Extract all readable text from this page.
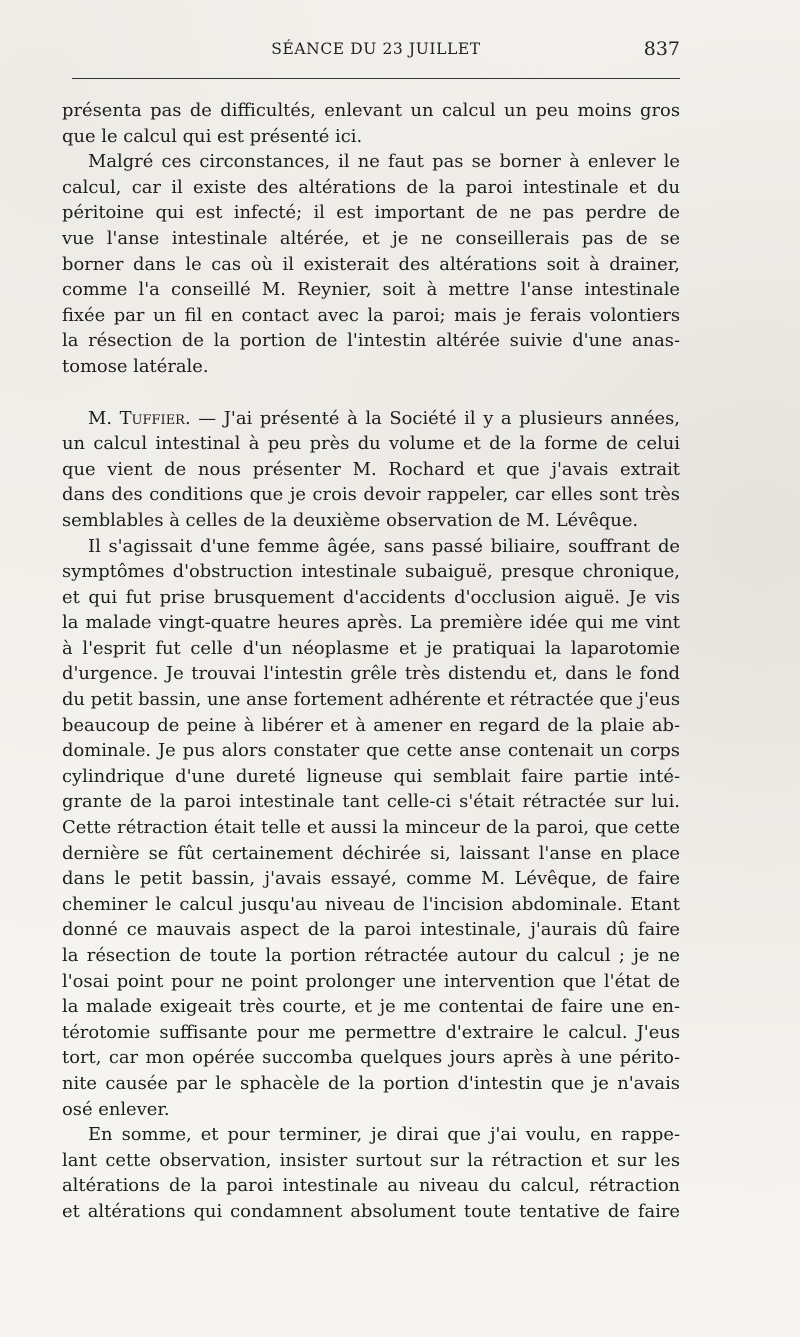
SÉANCE DU 23 JUILLET	837

présenta pas de difficultés, enlevant un calcul un peu moins gros
que le calcul qui est présenté ici.

Malgré ces circonstances, il ne faut pas se borner à enlever le
calcul, car il existe des altérations de la paroi intestinale et du
péritoine qui est infecté; il est important de ne pas perdre de
vue l'anse intestinale altérée, et je ne conseillerais pas de se
borner dans le cas où il existerait des altérations soit à drainer,
comme l'a conseillé M. Reynier, soit à mettre l'anse intestinale
fixée par un fil en contact avec la paroi; mais je ferais volontiers
la résection de la portion de l'intestin altérée suivie d'une anas-
tomose latérale.

M. Tuffier. — J'ai présenté à la Société il y a plusieurs années,
un calcul intestinal à peu près du volume et de la forme de celui
que vient de nous présenter M. Rochard et que j'avais extrait
dans des conditions que je crois devoir rappeler, car elles sont très
semblables à celles de la deuxième observation de M. Lévêque.

Il s'agissait d'une femme âgée, sans passé biliaire, souffrant de
symptômes d'obstruction intestinale subaiguë, presque chronique,
et qui fut prise brusquement d'accidents d'occlusion aiguë. Je vis
la malade vingt-quatre heures après. La première idée qui me vint
à l'esprit fut celle d'un néoplasme et je pratiquai la laparotomie
d'urgence. Je trouvai l'intestin grêle très distendu et, dans le fond
du petit bassin, une anse fortement adhérente et rétractée que j'eus
beaucoup de peine à libérer et à amener en regard de la plaie ab-
dominale. Je pus alors constater que cette anse contenait un corps
cylindrique d'une dureté ligneuse qui semblait faire partie inté-
grante de la paroi intestinale tant celle-ci s'était rétractée sur lui.
Cette rétraction était telle et aussi la minceur de la paroi, que cette
dernière se fût certainement déchirée si, laissant l'anse en place
dans le petit bassin, j'avais essayé, comme M. Lévêque, de faire
cheminer le calcul jusqu'au niveau de l'incision abdominale. Etant
donné ce mauvais aspect de la paroi intestinale, j'aurais dû faire
la résection de toute la portion rétractée autour du calcul ; je ne
l'osai point pour ne point prolonger une intervention que l'état de
la malade exigeait très courte, et je me contentai de faire une en-
térotomie suffisante pour me permettre d'extraire le calcul. J'eus
tort, car mon opérée succomba quelques jours après à une périto-
nite causée par le sphacèle de la portion d'intestin que je n'avais
osé enlever.

En somme, et pour terminer, je dirai que j'ai voulu, en rappe-
lant cette observation, insister surtout sur la rétraction et sur les
altérations de la paroi intestinale au niveau du calcul, rétraction
et altérations qui condamnent absolument toute tentative de faire
